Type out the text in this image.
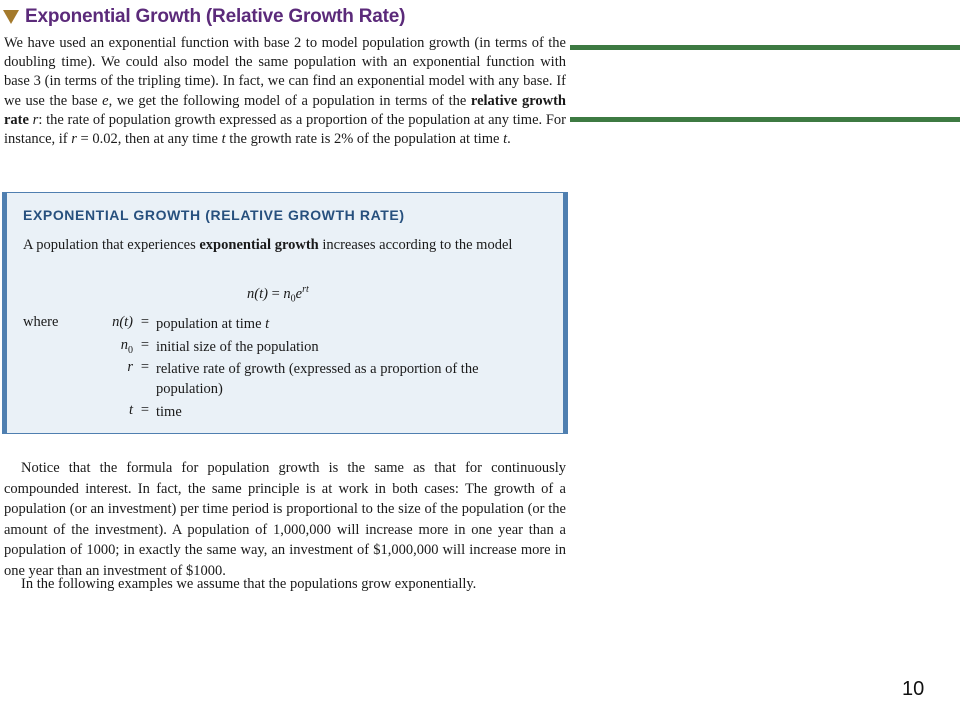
Exponential Growth (Relative Growth Rate)

We have used an exponential function with base 2 to model population growth (in terms of the doubling time). We could also model the same population with an exponential function with base 3 (in terms of the tripling time). In fact, we can find an exponential model with any base. If we use the base e, we get the following model of a population in terms of the relative growth rate r: the rate of population growth expressed as a proportion of the population at any time. For instance, if r = 0.02, then at any time t the growth rate is 2% of the population at time t.

EXPONENTIAL GROWTH (RELATIVE GROWTH RATE)

A population that experiences exponential growth increases according to the model

$n(t) = n_0e^{rt}$
where	n(t) = population at time t
$n_0$ = initial size of the population
r = relative rate of growth (expressed as a proportion of the population)
t = time

Notice that the formula for population growth is the same as that for continuously compounded interest. In fact, the same principle is at work in both cases: The growth of a population (or an investment) per time period is proportional to the size of the population (or the amount of the investment). A population of 1,000,000 will increase more in one year than a population of 1000; in exactly the same way, an investment of $1,000,000 will increase more in one year than an investment of $1000.

In the following examples we assume that the populations grow exponentially.

10
